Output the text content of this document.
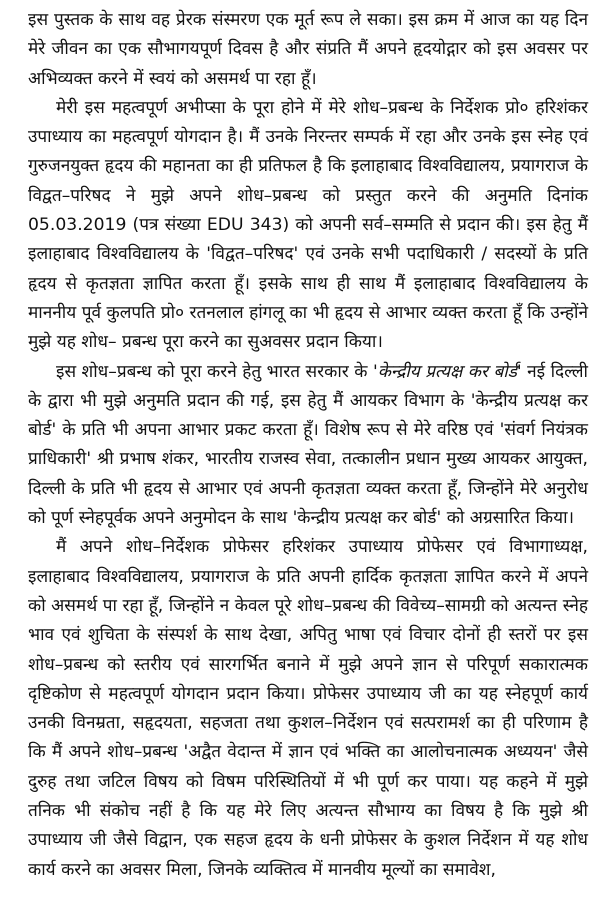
इस पुस्तक के साथ वह प्रेरक संस्मरण एक मूर्त रूप ले सका। इस क्रम में आज का यह दिन मेरे जीवन का एक सौभागयपूर्ण दिवस है और संप्रति मैं अपने हृदयोद्गार को इस अवसर पर अभिव्यक्त करने में स्वयं को असमर्थ पा रहा हूँ।

मेरी इस महत्वपूर्ण अभीप्सा के पूरा होने में मेरे शोध–प्रबन्ध के निर्देशक प्रो० हरिशंकर उपाध्याय का महत्वपूर्ण योगदान है। मैं उनके निरन्तर सम्पर्क में रहा और उनके इस स्नेह एवं गुरुजनयुक्त हृदय की महानता का ही प्रतिफल है कि इलाहाबाद विश्वविद्यालय, प्रयागराज के विद्वत–परिषद ने मुझे अपने शोध–प्रबन्ध को प्रस्तुत करने की अनुमति दिनांक 05.03.2019 (पत्र संख्या EDU 343) को अपनी सर्व–सम्मति से प्रदान की। इस हेतु मैं इलाहाबाद विश्वविद्यालय के 'विद्वत–परिषद' एवं उनके सभी पदाधिकारी / सदस्यों के प्रति हृदय से कृतज्ञता ज्ञापित करता हूँ। इसके साथ ही साथ मैं इलाहाबाद विश्वविद्यालय के माननीय पूर्व कुलपति प्रो० रतनलाल हांगलू का भी हृदय से आभार व्यक्त करता हूँ कि उन्होंने मुझे यह शोध– प्रबन्ध पूरा करने का सुअवसर प्रदान किया।

इस शोध–प्रबन्ध को पूरा करने हेतु भारत सरकार के 'केन्द्रीय प्रत्यक्ष कर बोर्ड' नई दिल्ली के द्वारा भी मुझे अनुमति प्रदान की गई, इस हेतु मैं आयकर विभाग के 'केन्द्रीय प्रत्यक्ष कर बोर्ड' के प्रति भी अपना आभार प्रकट करता हूँ। विशेष रूप से मेरे वरिष्ठ एवं 'संवर्ग नियंत्रक प्राधिकारी' श्री प्रभाष शंकर, भारतीय राजस्व सेवा, तत्कालीन प्रधान मुख्य आयकर आयुक्त, दिल्ली के प्रति भी हृदय से आभार एवं अपनी कृतज्ञता व्यक्त करता हूँ, जिन्होंने मेरे अनुरोध को पूर्ण स्नेहपूर्वक अपने अनुमोदन के साथ 'केन्द्रीय प्रत्यक्ष कर बोर्ड' को अग्रसारित किया।

मैं अपने शोध–निर्देशक प्रोफेसर हरिशंकर उपाध्याय प्रोफेसर एवं विभागाध्यक्ष, इलाहाबाद विश्वविद्यालय, प्रयागराज के प्रति अपनी हार्दिक कृतज्ञता ज्ञापित करने में अपने को असमर्थ पा रहा हूँ, जिन्होंने न केवल पूरे शोध–प्रबन्ध की विवेच्य–सामग्री को अत्यन्त स्नेह भाव एवं शुचिता के संस्पर्श के साथ देखा, अपितु भाषा एवं विचार दोनों ही स्तरों पर इस शोध–प्रबन्ध को स्तरीय एवं सारगर्भित बनाने में मुझे अपने ज्ञान से परिपूर्ण सकारात्मक दृष्टिकोण से महत्वपूर्ण योगदान प्रदान किया। प्रोफेसर उपाध्याय जी का यह स्नेहपूर्ण कार्य उनकी विनम्रता, सहृदयता, सहजता तथा कुशल–निर्देशन एवं सत्परामर्श का ही परिणाम है कि मैं अपने शोध–प्रबन्ध 'अद्वैत वेदान्त में ज्ञान एवं भक्ति का आलोचनात्मक अध्ययन' जैसे दुरुह तथा जटिल विषय को विषम परिस्थितियों में भी पूर्ण कर पाया। यह कहने में मुझे तनिक भी संकोच नहीं है कि यह मेरे लिए अत्यन्त सौभाग्य का विषय है कि मुझे श्री उपाध्याय जी जैसे विद्वान, एक सहज हृदय के धनी प्रोफेसर के कुशल निर्देशन में यह शोध कार्य करने का अवसर मिला, जिनके व्यक्तित्व में मानवीय मूल्यों का समावेश,
